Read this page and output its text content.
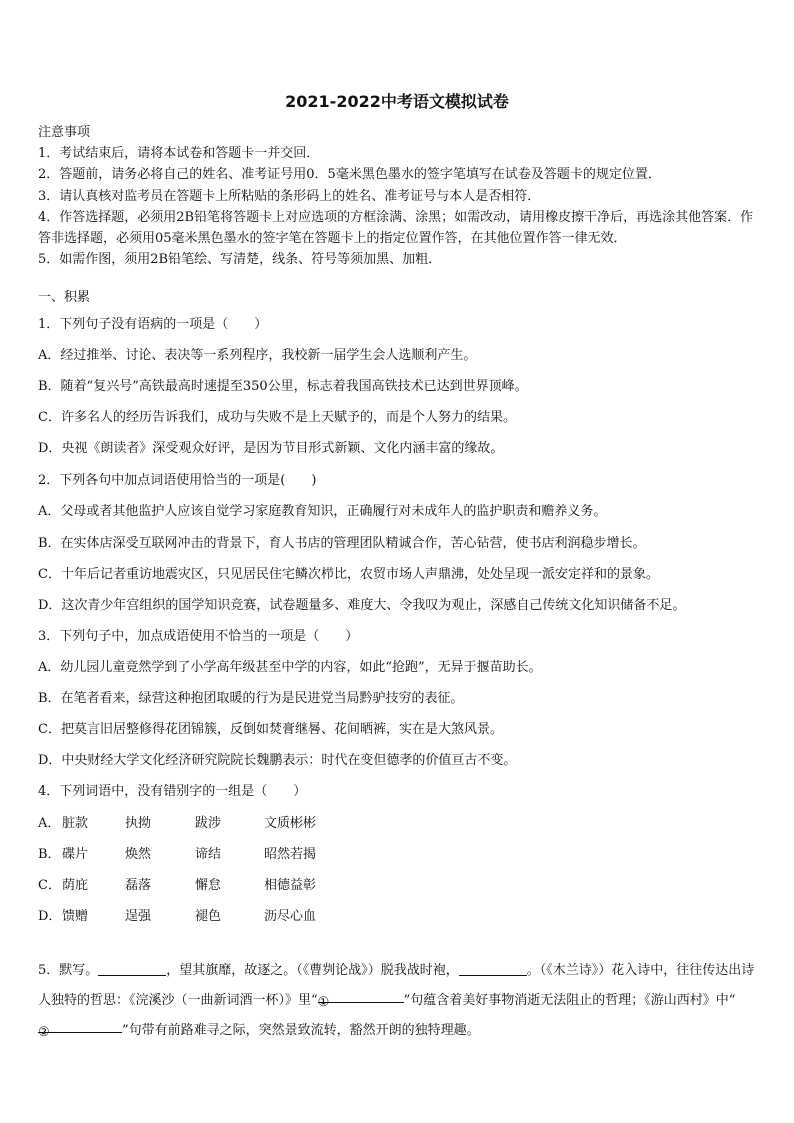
2021-2022中考语文模拟试卷
注意事项
1．考试结束后，请将本试卷和答题卡一并交回．
2．答题前，请务必将自己的姓名、准考证号用0．5毫米黑色墨水的签字笔填写在试卷及答题卡的规定位置．
3．请认真核对监考员在答题卡上所粘贴的条形码上的姓名、准考证号与本人是否相符．
4．作答选择题，必须用2B铅笔将答题卡上对应选项的方框涂满、涂黑；如需改动，请用橡皮擦干净后，再选涂其他答案．作答非选择题，必须用05毫米黑色墨水的签字笔在答题卡上的指定位置作答，在其他位置作答一律无效．
5．如需作图，须用2B铅笔绘、写清楚，线条、符号等须加黑、加粗．
一、积累
1．下列句子没有语病的一项是（　　）
A．经过推举、讨论、表决等一系列程序，我校新一届学生会人选顺利产生。
B．随着“复兴号”高铁最高时速提至350公里，标志着我国高铁技术已达到世界顶峰。
C．许多名人的经历告诉我们，成功与失败不是上天赋予的，而是个人努力的结果。
D．央视《朗读者》深受观众好评，是因为节目形式新颖、文化内涵丰富的缘故。
2．下列各句中加点词语使用恰当的一项是(　　)
A．父母或者其他监护人应该自觉学习家庭教育知识，正确履行对未成年人的监护职责和赡养义务。
B．在实体店深受互联网冲击的背景下，育人书店的管理团队精诚合作，苦心钻营，使书店利润稳步增长。
C．十年后记者重访地震灾区，只见居民住宅鳞次栉比，农贸市场人声鼎沸，处处呈现一派安定祥和的景象。
D．这次青少年宫组织的国学知识竞赛，试卷题量多、难度大、令我叹为观止，深感自己传统文化知识储备不足。
3．下列句子中，加点成语使用不恰当的一项是（　　）
A．幼儿园儿童竟然学到了小学高年级甚至中学的内容，如此“抢跑”，无异于揠苗助长。
B．在笔者看来，绿营这种抱团取暖的行为是民进党当局黔驴技穷的表征。
C．把莫言旧居整修得花团锦簇，反倒如焚膏继晷、花间晒裤，实在是大煞风景。
D．中央财经大学文化经济研究院院长魏鹏表示：时代在变但德孝的价值亘古不变。
4．下列词语中，没有错别字的一组是（　　）
A． 脏款	执拗	跋涉	文质彬彬
B． 碟片	焕然	谛结	昭然若揭
C． 荫庇	磊落	懈怠	相德益彰
D． 馈赠	逞强	褪色	沥尽心血
5．默写。	，望其旗靡，故逐之。（《曹刿论战》）脱我战时袍，	。（《木兰诗》）花入诗中，往往传达出诗人独特的哲思：《浣溪沙（一曲新词酒一杯）》里“①	”句蕴含着美好事物消逝无法阻止的哲理；《游山西村》中“②	”句带有前路难寻之际，突然景致流转，豁然开朗的独特理趣。
